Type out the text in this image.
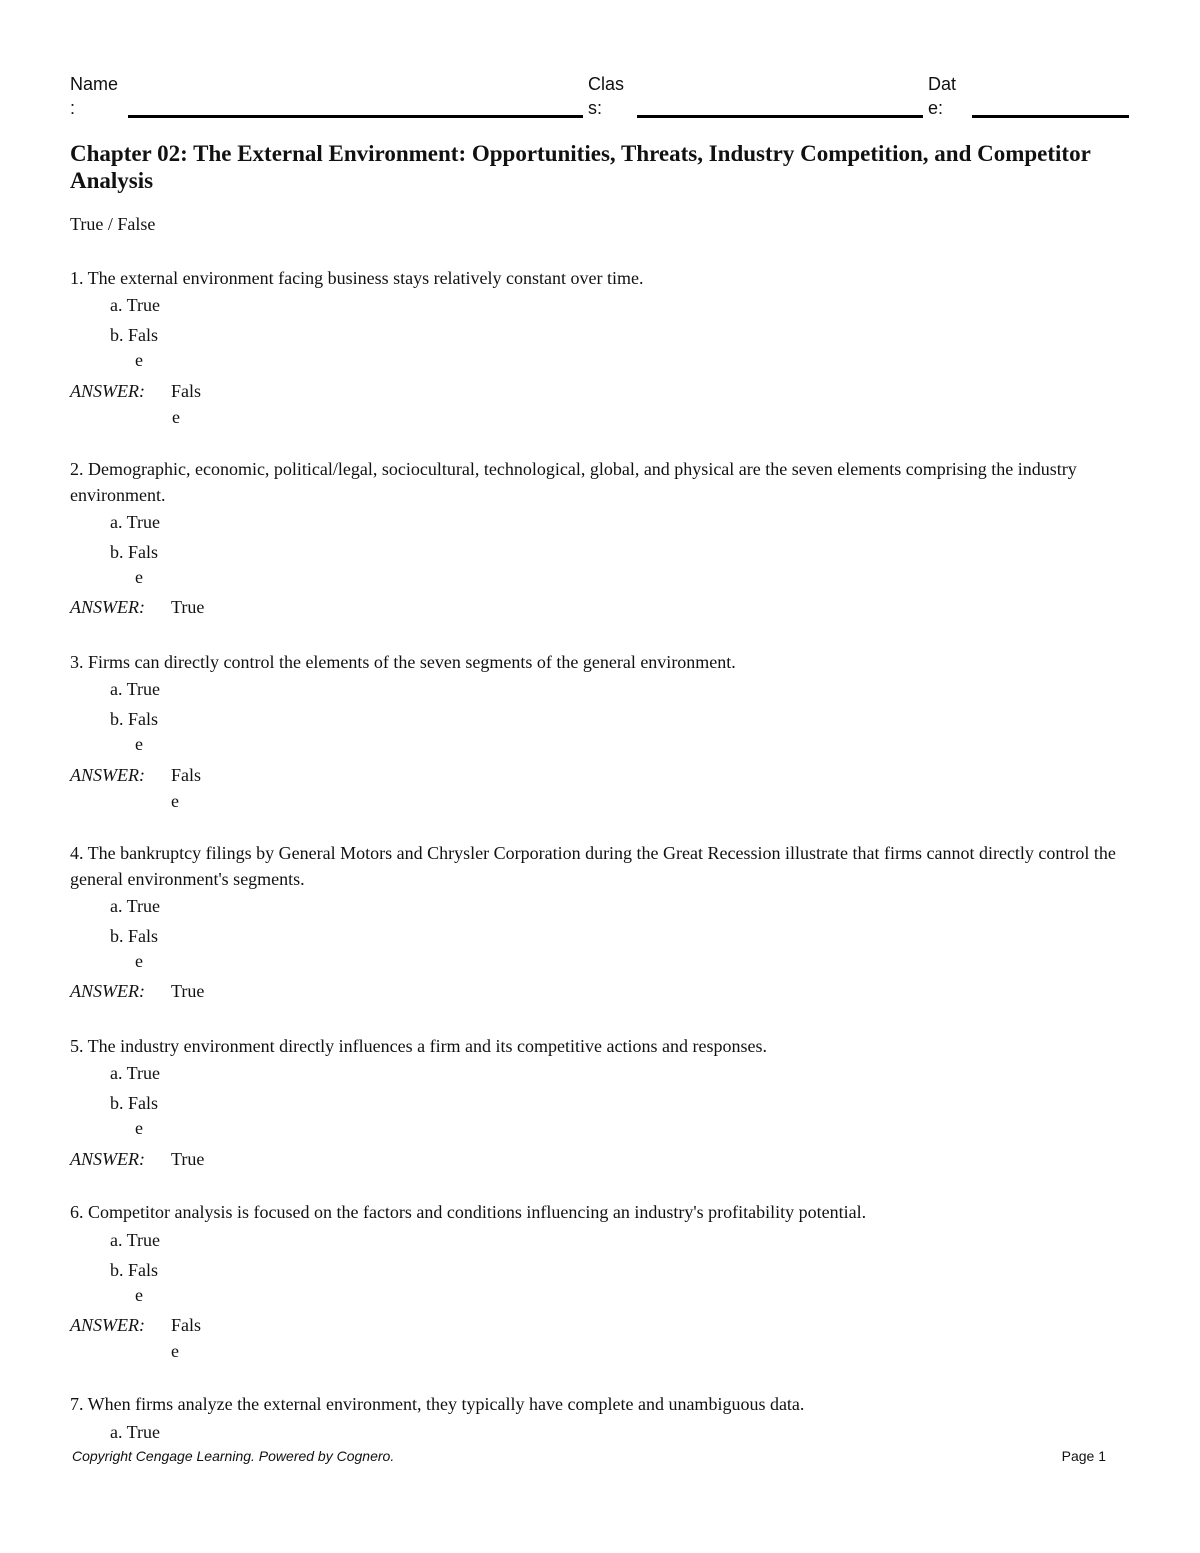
Name
:
Clas
s:
Dat
e:
Chapter 02: The External Environment: Opportunities, Threats, Industry Competition, and Competitor Analysis
True / False
1. The external environment facing business stays relatively constant over time.
a. True
b. Fals
e
ANSWER: Fals
e
2. Demographic, economic, political/legal, sociocultural, technological, global, and physical are the seven elements comprising the industry environment.
a. True
b. Fals
e
ANSWER: True
3. Firms can directly control the elements of the seven segments of the general environment.
a. True
b. Fals
e
ANSWER: Fals
e
4. The bankruptcy filings by General Motors and Chrysler Corporation during the Great Recession illustrate that firms cannot directly control the general environment's segments.
a. True
b. Fals
e
ANSWER: True
5. The industry environment directly influences a firm and its competitive actions and responses.
a. True
b. Fals
e
ANSWER: True
6. Competitor analysis is focused on the factors and conditions influencing an industry's profitability potential.
a. True
b. Fals
e
ANSWER: Fals
e
7. When firms analyze the external environment, they typically have complete and unambiguous data.
a. True
Copyright Cengage Learning. Powered by Cognero.	Page 1
